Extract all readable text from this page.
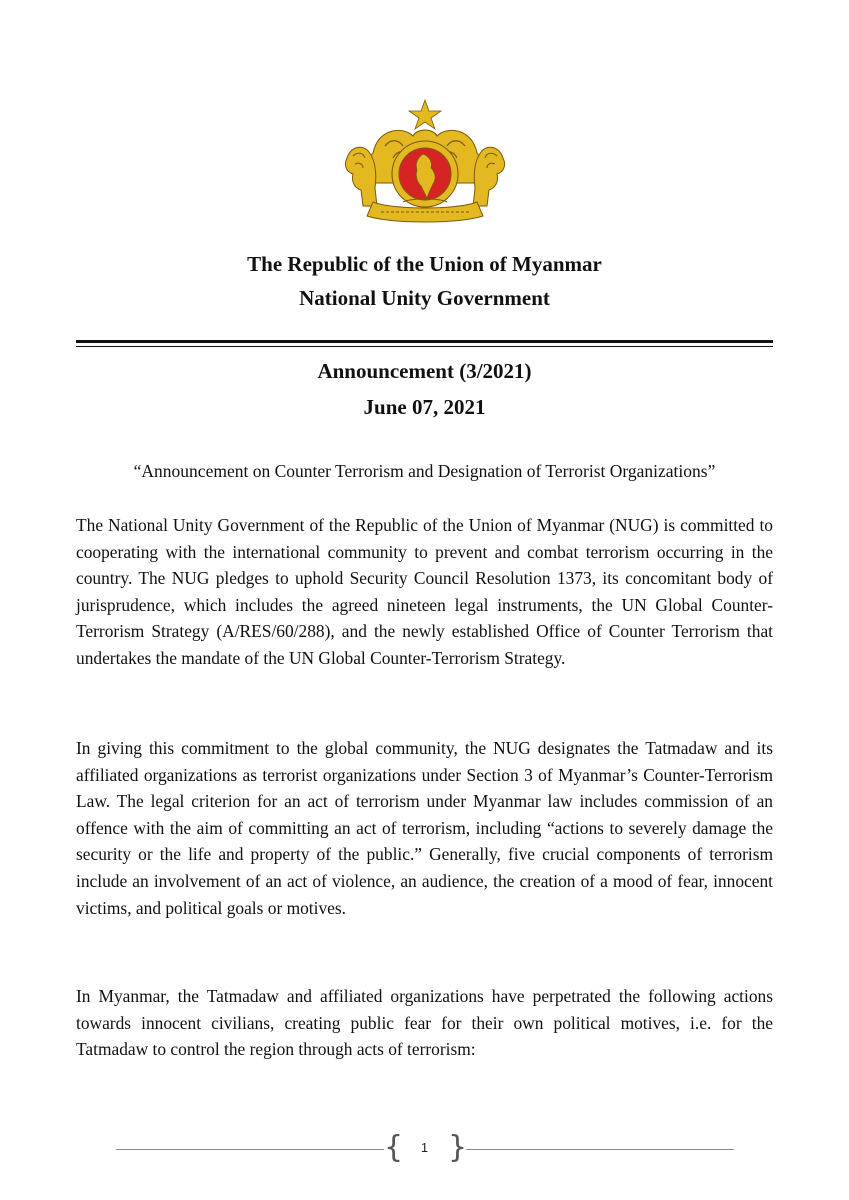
The Republic of the Union of Myanmar
National Unity Government
Announcement (3/2021)
June 07, 2021
“Announcement on Counter Terrorism and Designation of Terrorist Organizations”

The National Unity Government of the Republic of the Union of Myanmar (NUG) is committed to cooperating with the international community to prevent and combat terrorism occurring in the country. The NUG pledges to uphold Security Council Resolution 1373, its concomitant body of jurisprudence, which includes the agreed nineteen legal instruments, the UN Global Counter-Terrorism Strategy (A/RES/60/288), and the newly established Office of Counter Terrorism that undertakes the mandate of the UN Global Counter-Terrorism Strategy.

In giving this commitment to the global community, the NUG designates the Tatmadaw and its affiliated organizations as terrorist organizations under Section 3 of Myanmar’s Counter-Terrorism Law. The legal criterion for an act of terrorism under Myanmar law includes commission of an offence with the aim of committing an act of terrorism, including “actions to severely damage the security or the life and property of the public.” Generally, five crucial components of terrorism include an involvement of an act of violence, an audience, the creation of a mood of fear, innocent victims, and political goals or motives.

In Myanmar, the Tatmadaw and affiliated organizations have perpetrated the following actions towards innocent civilians, creating public fear for their own political motives, i.e. for the Tatmadaw to control the region through acts of terrorism:

{ }
1
